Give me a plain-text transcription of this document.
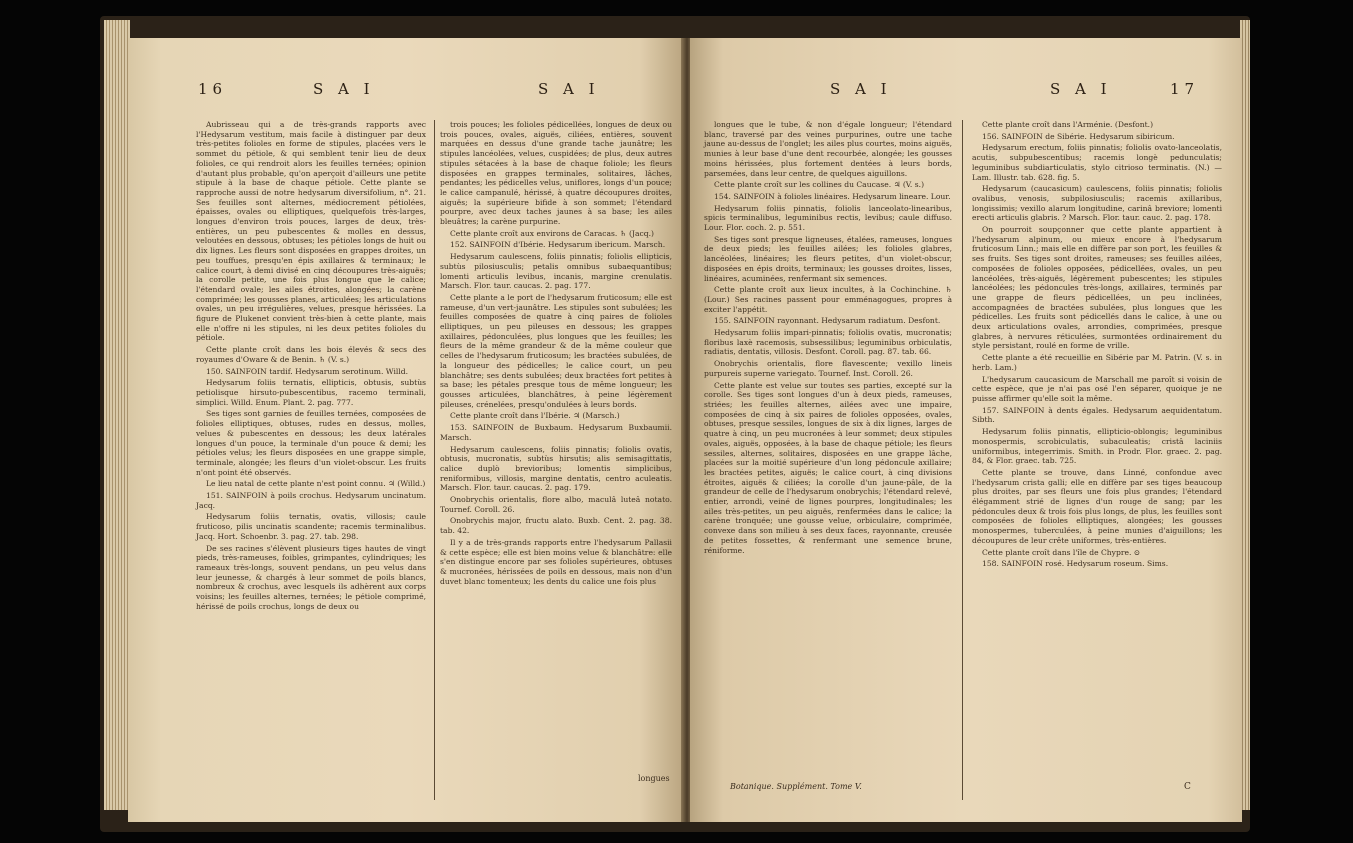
16	S A I	S A I

Aubrisseau qui a de très-grands rapports avec l'Hedysarum vestitum, mais facile à distinguer par deux très-petites folioles en forme de stipules, placées vers le sommet du pétiole, & qui semblent tenir lieu de deux folioles, ce qui rendroit alors les feuilles ternées; opinion d'autant plus probable, qu'on aperçoit d'ailleurs une petite stipule à la base de chaque pétiole. Cette plante se rapproche aussi de notre hedysarum diversifolium, n°. 21. Ses feuilles sont alternes, médiocrement pétiolées, épaisses, ovales ou elliptiques, quelquefois très-larges, longues d'environ trois pouces, larges de deux, très-entières, un peu pubescentes & molles en dessus, veloutées en dessous, obtuses; les pétioles longs de huit ou dix lignes. Les fleurs sont disposées en grappes droites, un peu touffues, presqu'en épis axillaires & terminaux; le calice court, à demi divisé en cinq découpures très-aiguës; la corolle petite, une fois plus longue que le calice; l'étendard ovale; les ailes étroites, alongées; la carène comprimée; les gousses planes, articulées; les articulations ovales, un peu irrégulières, velues, presque hérissées. La figure de Plukenet convient très-bien à cette plante, mais elle n'offre ni les stipules, ni les deux petites folioles du pétiole.

Cette plante croît dans les bois élevés & secs des royaumes d'Oware & de Benin. ♄ (V. s.)

150. SAINFOIN tardif. Hedysarum serotinum. Willd.

Hedysarum foliis ternatis, ellipticis, obtusis, subtùs petiolisque hirsuto-pubescentibus, racemo terminali, simplici. Willd. Enum. Plant. 2. pag. 777.

Ses tiges sont garnies de feuilles ternées, composées de folioles elliptiques, obtuses, rudes en dessus, molles, velues & pubescentes en dessous; les deux latérales longues d'un pouce, la terminale d'un pouce & demi; les pétioles velus; les fleurs disposées en une grappe simple, terminale, alongée; les fleurs d'un violet-obscur. Les fruits n'ont point été observés.

Le lieu natal de cette plante n'est point connu. ♃ (Willd.)

151. SAINFOIN à poils crochus. Hedysarum uncinatum. Jacq.

Hedysarum foliis ternatis, ovatis, villosis; caule fruticoso, pilis uncinatis scandente; racemis terminalibus. Jacq. Hort. Schoenbr. 3. pag. 27. tab. 298.

De ses racines s'élèvent plusieurs tiges hautes de vingt pieds, très-rameuses, foibles, grimpantes, cylindriques; les rameaux très-longs, souvent pendans, un peu velus dans leur jeunesse, & chargés à leur sommet de poils blancs, nombreux & crochus, avec lesquels ils adhèrent aux corps voisins; les feuilles alternes, ternées; le pétiole comprimé, hérissé de poils crochus, longs de deux ou

trois pouces; les folioles pédicellées, longues de deux ou trois pouces, ovales, aiguës, ciliées, entières, souvent marquées en dessus d'une grande tache jaunâtre; les stipules lancéolées, velues, cuspidées; de plus, deux autres stipules sétacées à la base de chaque foliole; les fleurs disposées en grappes terminales, solitaires, lâches, pendantes; les pédicelles velus, uniflores, longs d'un pouce; le calice campanulé, hérissé, à quatre découpures droites, aiguës; la supérieure bifide à son sommet; l'étendard pourpre, avec deux taches jaunes à sa base; les ailes bleuâtres; la carène purpurine.

Cette plante croît aux environs de Caracas. ♄ (Jacq.)

152. SAINFOIN d'Ibérie. Hedysarum ibericum. Marsch.

Hedysarum caulescens, foliis pinnatis; foliolis ellipticis, subtùs pilosiusculis; petalis omnibus subaequantibus; lomenti articulis levibus, incanis, margine crenulatis. Marsch. Flor. taur. caucas. 2. pag. 177.

Cette plante a le port de l'hedysarum fruticosum; elle est rameuse, d'un vert-jaunâtre. Les stipules sont subulées; les feuilles composées de quatre à cinq paires de folioles elliptiques, un peu pileuses en dessous; les grappes axillaires, pédonculées, plus longues que les feuilles; les fleurs de la même grandeur & de la même couleur que celles de l'hedysarum fruticosum; les bractées subulées, de la longueur des pédicelles; le calice court, un peu blanchâtre; ses dents subulées; deux bractées fort petites à sa base; les pétales presque tous de même longueur; les gousses articulées, blanchâtres, à peine légèrement pileuses, crénelées, presqu'ondulées à leurs bords.

Cette plante croît dans l'Ibérie. ♃ (Marsch.)

153. SAINFOIN de Buxbaum. Hedysarum Buxbaumii. Marsch.

Hedysarum caulescens, foliis pinnatis; foliolis ovatis, obtusis, mucronatis, subtùs hirsutis; alis semisagittatis, calice duplò brevioribus; lomentis simplicibus, reniformibus, villosis, margine dentatis, centro aculeatis. Marsch. Flor. taur. caucas. 2. pag. 179.

Onobrychis orientalis, flore albo, maculâ luteâ notato. Tournef. Coroll. 26.

Onobrychis major, fructu alato. Buxb. Cent. 2. pag. 38. tab. 42.

Il y a de très-grands rapports entre l'hedysarum Pallasii & cette espèce; elle est bien moins velue & blanchâtre: elle s'en distingue encore par ses folioles supérieures, obtuses & mucronées, hérissées de poils en dessous, mais non d'un duvet blanc tomenteux; les dents du calice une fois plus

longues
S A I	S A I	17

longues que le tube, & non d'égale longueur; l'étendard blanc, traversé par des veines purpurines, outre une tache jaune au-dessus de l'onglet; les ailes plus courtes, moins aiguës, munies à leur base d'une dent recourbée, alongée; les gousses moins hérissées, plus fortement dentées à leurs bords, parsemées, dans leur centre, de quelques aiguillons.

Cette plante croît sur les collines du Caucase. ♃ (V. s.)

154. SAINFOIN à folioles linéaires. Hedysarum lineare. Lour.

Hedysarum foliis pinnatis, foliolis lanceolato-linearibus, spicis terminalibus, leguminibus rectis, levibus; caule diffuso. Lour. Flor. coch. 2. p. 551.

Ses tiges sont presque ligneuses, étalées, rameuses, longues de deux pieds; les feuilles ailées; les folioles glabres, lancéolées, linéaires; les fleurs petites, d'un violet-obscur, disposées en épis droits, terminaux; les gousses droites, lisses, linéaires, acuminées, renfermant six semences.

Cette plante croît aux lieux incultes, à la Cochinchine. ♄ (Lour.) Ses racines passent pour emménagogues, propres à exciter l'appétit.

155. SAINFOIN rayonnant. Hedysarum radiatum. Desfont.

Hedysarum foliis impari-pinnatis; foliolis ovatis, mucronatis; floribus laxè racemosis, subsessilibus; leguminibus orbiculatis, radiatis, dentatis, villosis. Desfont. Coroll. pag. 87. tab. 66.

Onobrychis orientalis, flore flavescente; vexillo lineis purpureis superne variegato. Tournef. Inst. Coroll. 26.

Cette plante est velue sur toutes ses parties, excepté sur la corolle. Ses tiges sont longues d'un à deux pieds, rameuses, striées; les feuilles alternes, ailées avec une impaire, composées de cinq à six paires de folioles opposées, ovales, obtuses, presque sessiles, longues de six à dix lignes, larges de quatre à cinq, un peu mucronées à leur sommet; deux stipules ovales, aiguës, opposées, à la base de chaque pétiole; les fleurs sessiles, alternes, solitaires, disposées en une grappe lâche, placées sur la moitié supérieure d'un long pédoncule axillaire; les bractées petites, aiguës; le calice court, à cinq divisions étroites, aiguës & ciliées; la corolle d'un jaune-pâle, de la grandeur de celle de l'hedysarum onobrychis; l'étendard relevé, entier, arrondi, veiné de lignes pourpres, longitudinales; les ailes très-petites, un peu aiguës, renfermées dans le calice; la carène tronquée; une gousse velue, orbiculaire, comprimée, convexe dans son milieu à ses deux faces, rayonnante, creusée de petites fossettes, & renfermant une semence brune, réniforme.

Cette plante croît dans l'Arménie. (Desfont.)

156. SAINFOIN de Sibérie. Hedysarum sibiricum.

Hedysarum erectum, foliis pinnatis; foliolis ovato-lanceolatis, acutis, subpubescentibus; racemis longè pedunculatis; leguminibus subdiarticulatis, stylo citrioso terminatis. (N.) — Lam. Illustr. tab. 628. fig. 5.

Hedysarum (caucasicum) caulescens, foliis pinnatis; foliolis ovalibus, venosis, subpilosiusculis; racemis axillaribus, longissimis; vexillo alarum longitudine, carinâ breviore; lomenti erecti articulis glabris. ? Marsch. Flor. taur. cauc. 2. pag. 178.

On pourroit soupçonner que cette plante appartient à l'hedysarum alpinum, ou mieux encore à l'hedysarum fruticosum Linn.; mais elle en diffère par son port, les feuilles & ses fruits. Ses tiges sont droites, rameuses; ses feuilles ailées, composées de folioles opposées, pédicellées, ovales, un peu lancéolées, très-aiguës, légèrement pubescentes; les stipules lancéolées; les pédoncules très-longs, axillaires, terminés par une grappe de fleurs pédicellées, un peu inclinées, accompagnées de bractées subulées, plus longues que les pédicelles. Les fruits sont pédicellés dans le calice, à une ou deux articulations ovales, arrondies, comprimées, presque glabres, à nervures réticulées, surmontées ordinairement du style persistant, roulé en forme de vrille.

Cette plante a été recueillie en Sibérie par M. Patrin. (V. s. in herb. Lam.)

L'hedysarum caucasicum de Marschall me paroît si voisin de cette espèce, que je n'ai pas osé l'en séparer, quoique je ne puisse affirmer qu'elle soit la même.

157. SAINFOIN à dents égales. Hedysarum aequidentatum. Sibth.

Hedysarum foliis pinnatis, ellipticio-oblongis; leguminibus monospermis, scrobiculatis, subaculeatis; cristâ laciniis uniformibus, integerrimis. Smith. in Prodr. Flor. graec. 2. pag. 84, & Flor. graec. tab. 725.

Cette plante se trouve, dans Linné, confondue avec l'hedysarum crista galli; elle en diffère par ses tiges beaucoup plus droites, par ses fleurs une fois plus grandes; l'étendard élégamment strié de lignes d'un rouge de sang; par les pédoncules deux & trois fois plus longs, de plus, les feuilles sont composées de folioles elliptiques, alongées; les gousses monospermes, tuberculées, à peine munies d'aiguillons; les découpures de leur crête uniformes, très-entières.

Cette plante croît dans l'île de Chypre. ⊙

158. SAINFOIN rosé. Hedysarum roseum. Sims.

Botanique. Supplément. Tome V.	C
